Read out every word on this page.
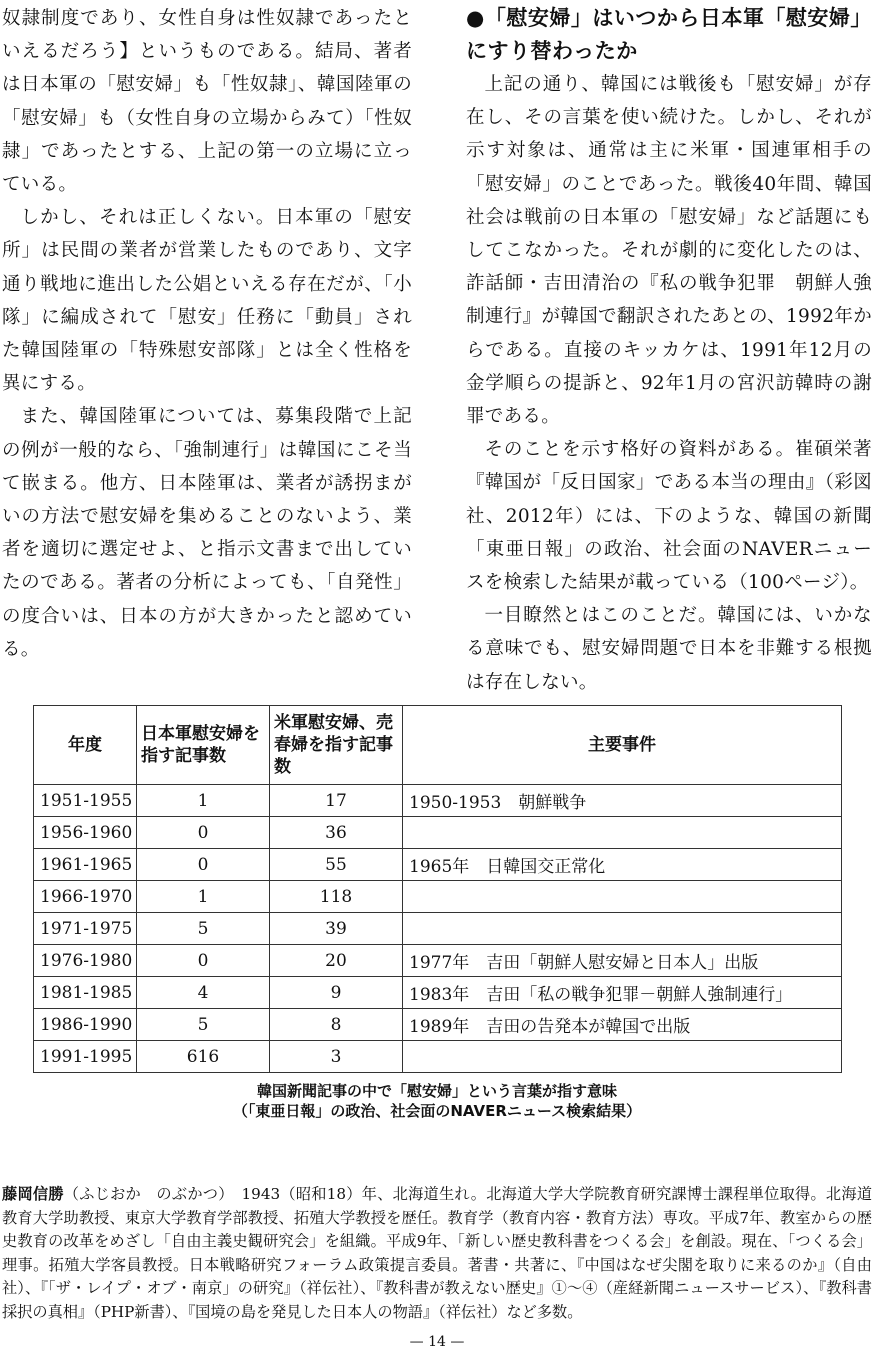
奴隷制度であり、女性自身は性奴隷であったといえるだろう】というものである。結局、著者は日本軍の「慰安婦」も「性奴隷」、韓国陸軍の「慰安婦」も（女性自身の立場からみて）「性奴隷」であったとする、上記の第一の立場に立っている。

しかし、それは正しくない。日本軍の「慰安所」は民間の業者が営業したものであり、文字通り戦地に進出した公娼といえる存在だが、「小隊」に編成されて「慰安」任務に「動員」された韓国陸軍の「特殊慰安部隊」とは全く性格を異にする。

また、韓国陸軍については、募集段階で上記の例が一般的なら、「強制連行」は韓国にこそ当て嵌まる。他方、日本陸軍は、業者が誘拐まがいの方法で慰安婦を集めることのないよう、業者を適切に選定せよ、と指示文書まで出していたのである。著者の分析によっても、「自発性」の度合いは、日本の方が大きかったと認めている。

●「慰安婦」はいつから日本軍「慰安婦」にすり替わったか

上記の通り、韓国には戦後も「慰安婦」が存在し、その言葉を使い続けた。しかし、それが示す対象は、通常は主に米軍・国連軍相手の「慰安婦」のことであった。戦後40年間、韓国社会は戦前の日本軍の「慰安婦」など話題にもしてこなかった。それが劇的に変化したのは、詐話師・吉田清治の『私の戦争犯罪　朝鮮人強制連行』が韓国で翻訳されたあとの、1992年からである。直接のキッカケは、1991年12月の金学順らの提訴と、92年1月の宮沢訪韓時の謝罪である。

そのことを示す格好の資料がある。崔碩栄著『韓国が「反日国家」である本当の理由』（彩図社、2012年）には、下のような、韓国の新聞「東亜日報」の政治、社会面のNAVERニュースを検索した結果が載っている（100ページ）。

一目瞭然とはこのことだ。韓国には、いかなる意味でも、慰安婦問題で日本を非難する根拠は存在しない。

年度	日本軍慰安婦を指す記事数	米軍慰安婦、売春婦を指す記事数	主要事件
1951-1955	1	17	1950-1953　朝鮮戦争
1956-1960	0	36	
1961-1965	0	55	1965年　日韓国交正常化
1966-1970	1	118	
1971-1975	5	39	
1976-1980	0	20	1977年　吉田「朝鮮人慰安婦と日本人」出版
1981-1985	4	9	1983年　吉田「私の戦争犯罪－朝鮮人強制連行」
1986-1990	5	8	1989年　吉田の告発本が韓国で出版
1991-1995	616	3	
韓国新聞記事の中で「慰安婦」という言葉が指す意味
（「東亜日報」の政治、社会面のNAVERニュース検索結果）

藤岡信勝（ふじおか　のぶかつ）　1943（昭和18）年、北海道生れ。北海道大学大学院教育研究課博士課程単位取得。北海道教育大学助教授、東京大学教育学部教授、拓殖大学教授を歴任。教育学（教育内容・教育方法）専攻。平成7年、教室からの歴史教育の改革をめざし「自由主義史観研究会」を組織。平成9年、「新しい歴史教科書をつくる会」を創設。現在、「つくる会」理事。拓殖大学客員教授。日本戦略研究フォーラム政策提言委員。著書・共著に、『中国はなぜ尖閣を取りに来るのか』（自由社）、『「ザ・レイプ・オブ・南京」の研究』（祥伝社）、『教科書が教えない歴史』①～④（産経新聞ニュースサービス）、『教科書採択の真相』（PHP新書）、『国境の島を発見した日本人の物語』（祥伝社）など多数。

— 14 —
